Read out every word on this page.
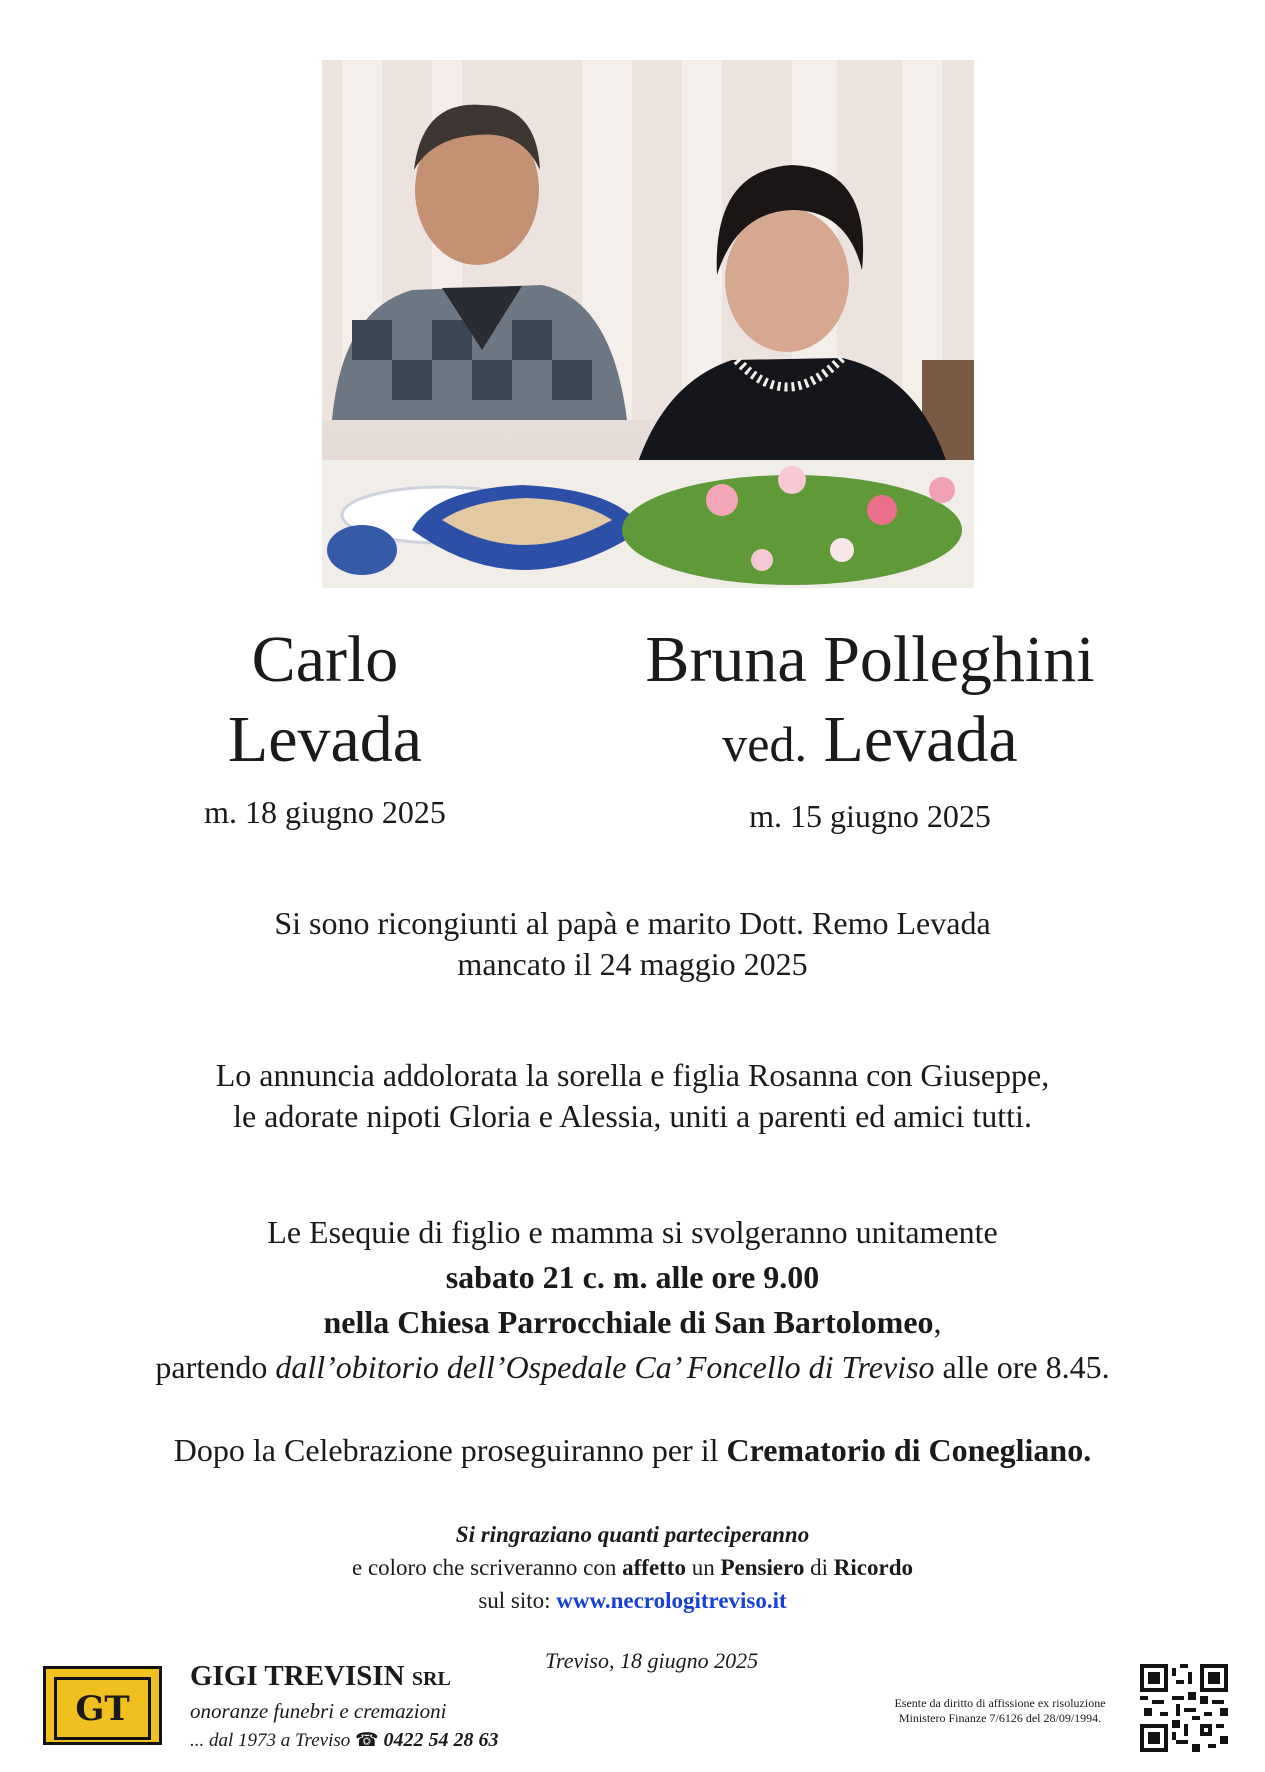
Carlo
Levada
m. 18 giugno 2025
Bruna Polleghini
ved. Levada
m. 15 giugno 2025
Si sono ricongiunti al papà e marito Dott. Remo Levada
mancato il 24 maggio 2025
Lo annuncia addolorata la sorella e figlia Rosanna con Giuseppe,
le adorate nipoti Gloria e Alessia, uniti a parenti ed amici tutti.
Le Esequie di figlio e mamma si svolgeranno unitamente
sabato 21 c. m. alle ore 9.00
nella Chiesa Parrocchiale di San Bartolomeo,
partendo dall’obitorio dell’Ospedale Ca’ Foncello di Treviso alle ore 8.45.
Dopo la Celebrazione proseguiranno per il Crematorio di Conegliano.
Si ringraziano quanti parteciperanno
e coloro che scriveranno con affetto un Pensiero di Ricordo
sul sito: www.necrologitreviso.it
Treviso, 18 giugno 2025
GT
GIGI TREVISIN SRL
onoranze funebri e cremazioni
... dal 1973 a Treviso ☎ 0422 54 28 63
Esente da diritto di affissione ex risoluzione
Ministero Finanze 7/6126 del 28/09/1994.
